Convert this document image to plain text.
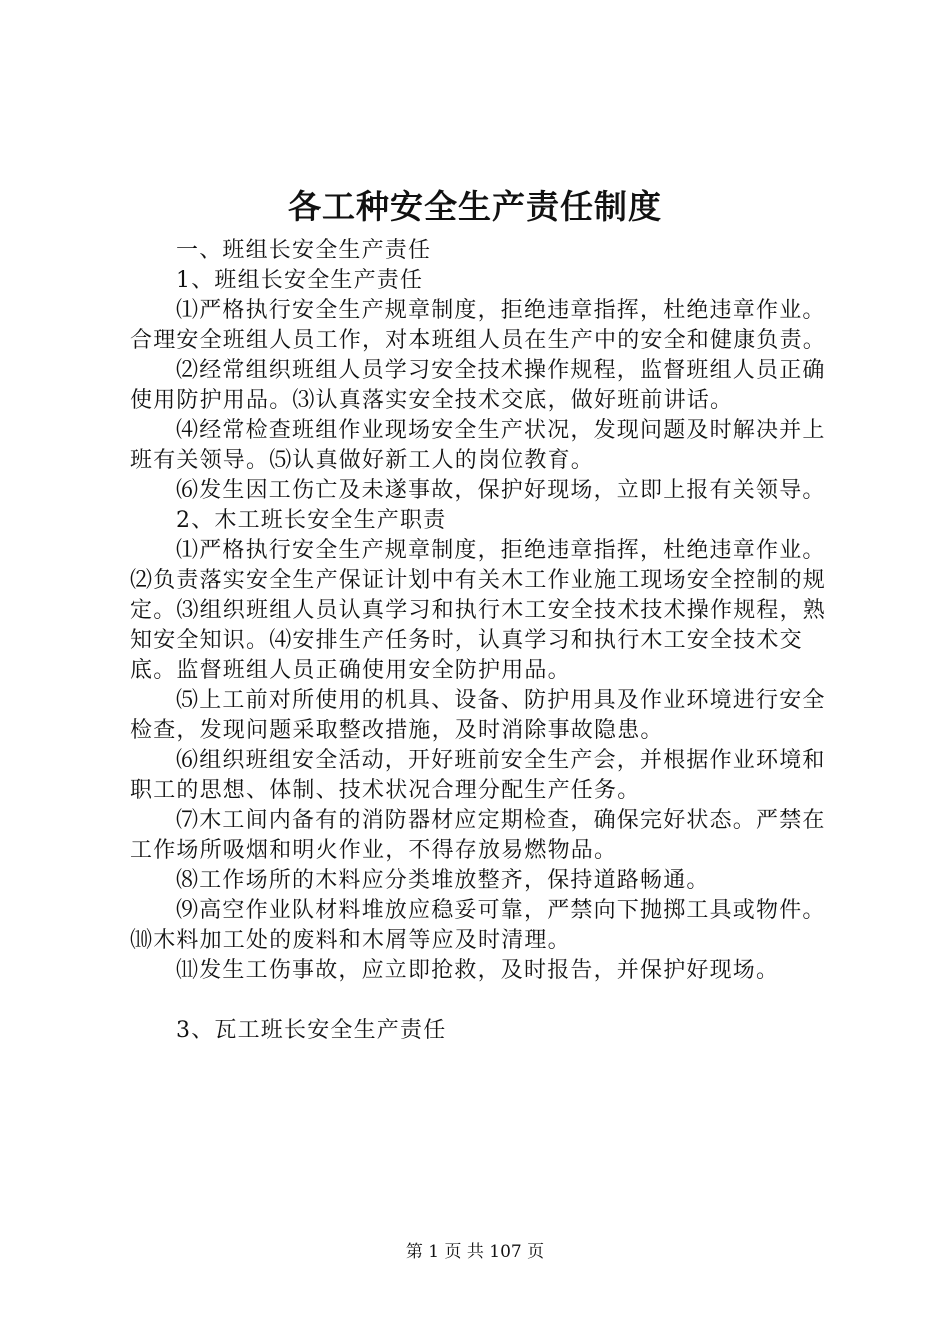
各工种安全生产责任制度

一、班组长安全生产责任

1、班组长安全生产责任

⑴严格执行安全生产规章制度，拒绝违章指挥，杜绝违章作业。合理安全班组人员工作，对本班组人员在生产中的安全和健康负责。

⑵经常组织班组人员学习安全技术操作规程，监督班组人员正确使用防护用品。⑶认真落实安全技术交底，做好班前讲话。

⑷经常检查班组作业现场安全生产状况，发现问题及时解决并上班有关领导。⑸认真做好新工人的岗位教育。

⑹发生因工伤亡及未遂事故，保护好现场，立即上报有关领导。

2、木工班长安全生产职责

⑴严格执行安全生产规章制度，拒绝违章指挥，杜绝违章作业。⑵负责落实安全生产保证计划中有关木工作业施工现场安全控制的规定。⑶组织班组人员认真学习和执行木工安全技术技术操作规程，熟知安全知识。⑷安排生产任务时，认真学习和执行木工安全技术交底。监督班组人员正确使用安全防护用品。

⑸上工前对所使用的机具、设备、防护用具及作业环境进行安全检查，发现问题采取整改措施，及时消除事故隐患。

⑹组织班组安全活动，开好班前安全生产会，并根据作业环境和职工的思想、体制、技术状况合理分配生产任务。

⑺木工间内备有的消防器材应定期检查，确保完好状态。严禁在工作场所吸烟和明火作业，不得存放易燃物品。

⑻工作场所的木料应分类堆放整齐，保持道路畅通。

⑼高空作业队材料堆放应稳妥可靠，严禁向下抛掷工具或物件。⑽木料加工处的废料和木屑等应及时清理。

⑾发生工伤事故，应立即抢救，及时报告，并保护好现场。

3、瓦工班长安全生产责任

第 1 页 共 107 页
